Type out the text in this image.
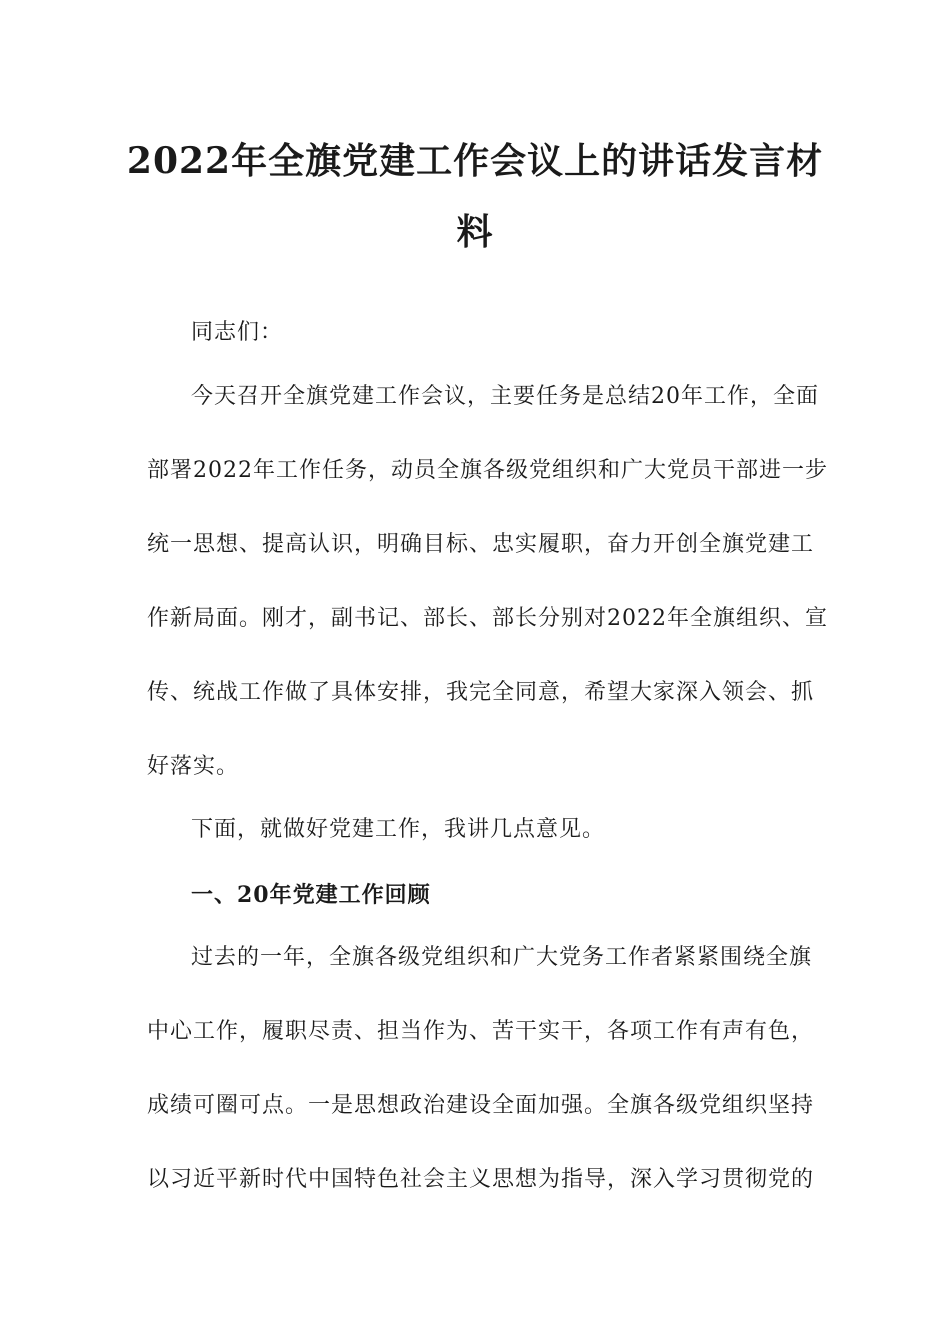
2022年全旗党建工作会议上的讲话发言材
料
同志们：
今天召开全旗党建工作会议，主要任务是总结20年工作，全面
部署2022年工作任务，动员全旗各级党组织和广大党员干部进一步
统一思想、提高认识，明确目标、忠实履职，奋力开创全旗党建工
作新局面。刚才，副书记、部长、部长分别对2022年全旗组织、宣
传、统战工作做了具体安排，我完全同意，希望大家深入领会、抓
好落实。
下面，就做好党建工作，我讲几点意见。
一、20年党建工作回顾
过去的一年，全旗各级党组织和广大党务工作者紧紧围绕全旗
中心工作，履职尽责、担当作为、苦干实干，各项工作有声有色，
成绩可圈可点。一是思想政治建设全面加强。全旗各级党组织坚持
以习近平新时代中国特色社会主义思想为指导，深入学习贯彻党的
